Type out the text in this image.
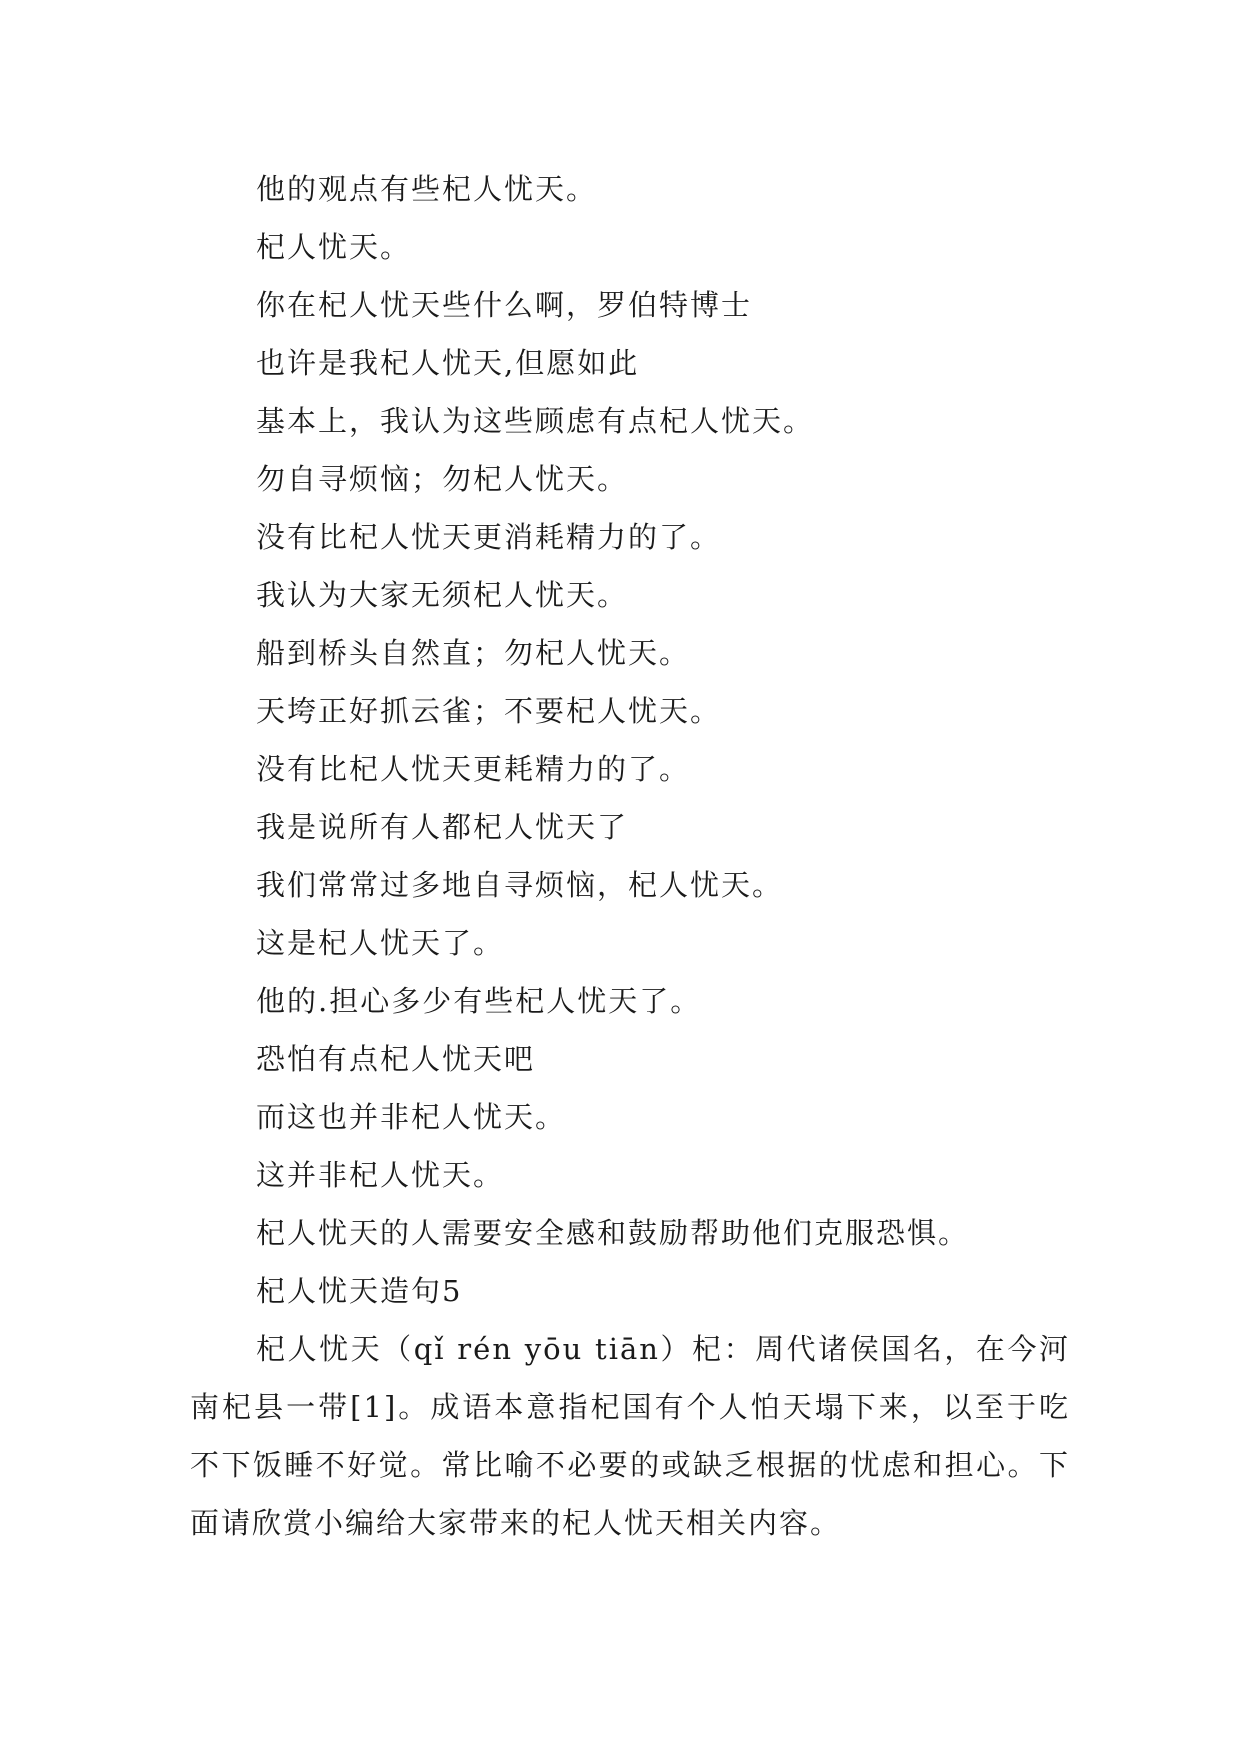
他的观点有些杞人忧天。
杞人忧天。
你在杞人忧天些什么啊，罗伯特博士
也许是我杞人忧天,但愿如此
基本上，我认为这些顾虑有点杞人忧天。
勿自寻烦恼；勿杞人忧天。
没有比杞人忧天更消耗精力的了。
我认为大家无须杞人忧天。
船到桥头自然直；勿杞人忧天。
天垮正好抓云雀；不要杞人忧天。
没有比杞人忧天更耗精力的了。
我是说所有人都杞人忧天了
我们常常过多地自寻烦恼，杞人忧天。
这是杞人忧天了。
他的.担心多少有些杞人忧天了。
恐怕有点杞人忧天吧
而这也并非杞人忧天。
这并非杞人忧天。
杞人忧天的人需要安全感和鼓励帮助他们克服恐惧。
杞人忧天造句5

杞人忧天（qǐ rén yōu tiān）杞：周代诸侯国名，在今河南杞县一带[1]。成语本意指杞国有个人怕天塌下来，以至于吃不下饭睡不好觉。常比喻不必要的或缺乏根据的忧虑和担心。下面请欣赏小编给大家带来的杞人忧天相关内容。
